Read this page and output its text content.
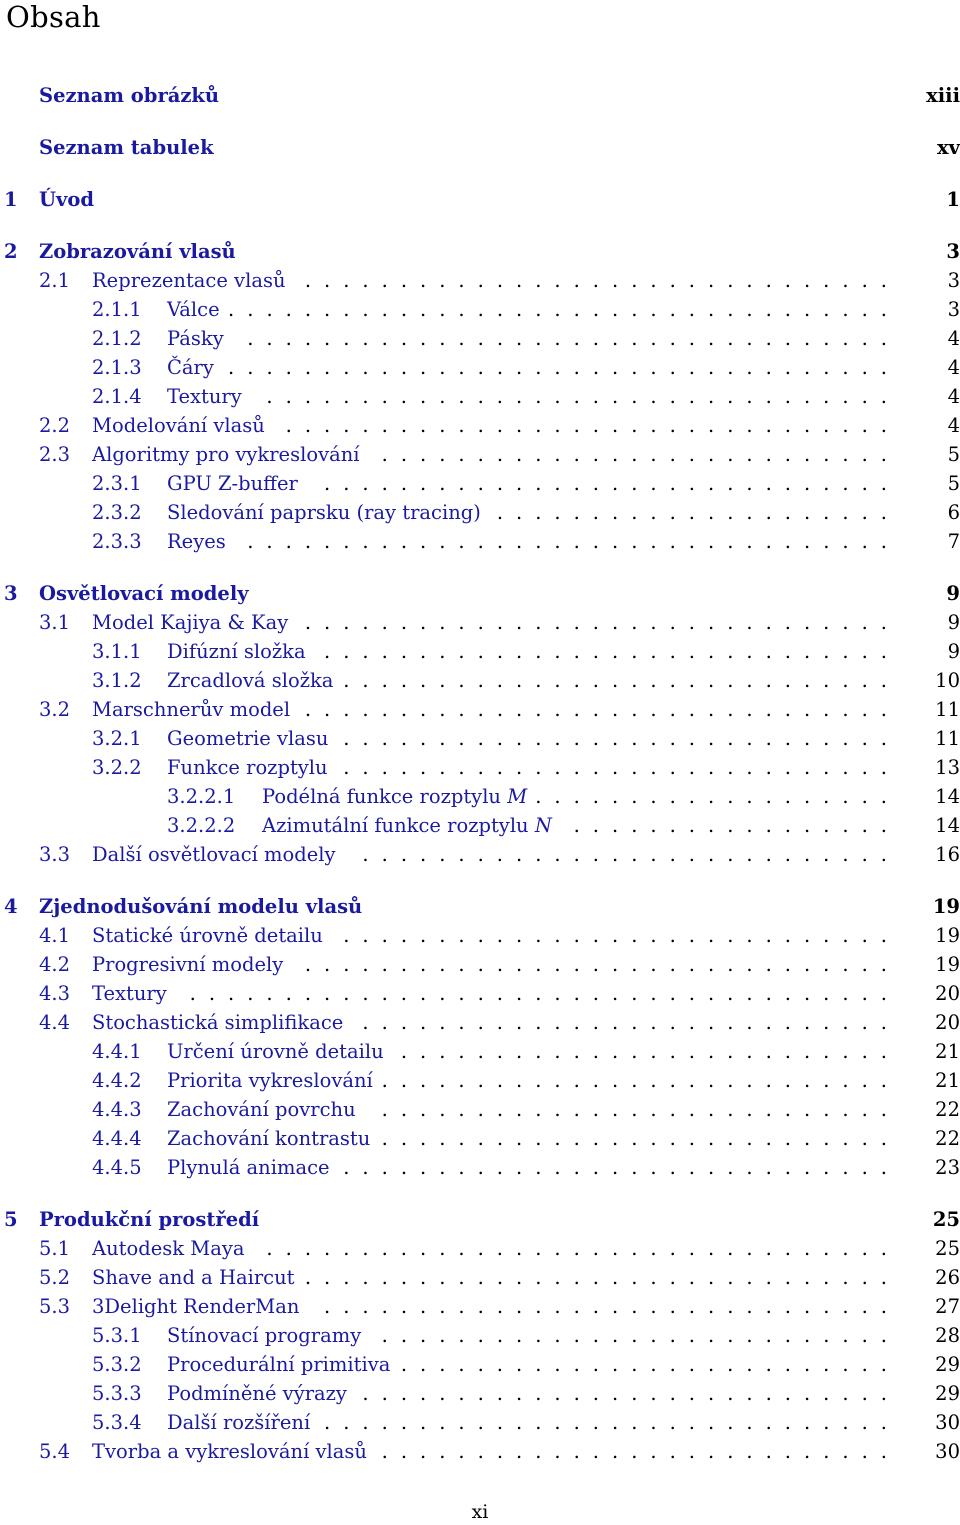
Obsah
Seznam obrázků	xiii
Seznam tabulek	xv
1 Úvod	1
2 Zobrazování vlasů	3
2.1 Reprezentace vlasů	3
...............................
2.1.1 Válce	3
...................................
2.1.2 Pásky	4
..................................
2.1.3 Čáry	4
...................................
2.1.4 Textury	4
.................................
2.2 Modelování vlasů	4
................................
2.3 Algoritmy pro vykreslování	5
...........................
2.3.1 GPU Z-buffer	5
..............................
2.3.2 Sledování paprsku (ray tracing)	6
.....................
2.3.3 Reyes	7
..................................
3 Osvětlovací modely	9
3.1 Model Kajiya & Kay	9
...............................
3.1.1 Difúzní složka	9
..............................
3.1.2 Zrcadlová složka	10
.............................
3.2 Marschnerův model	11
...............................
3.2.1 Geometrie vlasu	11
.............................
3.2.2 Funkce rozptylu	13
.............................
3.2.2.1 Podélná funkce rozptylu M	14
...................
3.2.2.2 Azimutální funkce rozptylu N	14
.................
3.3 Další osvětlovací modely	16
............................
4 Zjednodušování modelu vlasů	19
4.1 Statické úrovně detailu	19
.............................
4.2 Progresivní modely	19
...............................
4.3 Textury	20
.....................................
4.4 Stochastická simplifikace	20
............................
4.4.1 Určení úrovně detailu	21
..........................
4.4.2 Priorita vykreslování	21
...........................
4.4.3 Zachování povrchu	22
...........................
4.4.4 Zachování kontrastu	22
...........................
4.4.5 Plynulá animace	23
.............................
5 Produkční prostředí	25
5.1 Autodesk Maya	25
.................................
5.2 Shave and a Haircut	26
...............................
5.3 3Delight RenderMan	27
..............................
5.3.1 Stínovací programy	28
...........................
5.3.2 Procedurální primitiva	29
..........................
5.3.3 Podmíněné výrazy	29
............................
5.3.4 Další rozšíření	30
..............................
5.4 Tvorba a vykreslování vlasů	30
...........................
xi
